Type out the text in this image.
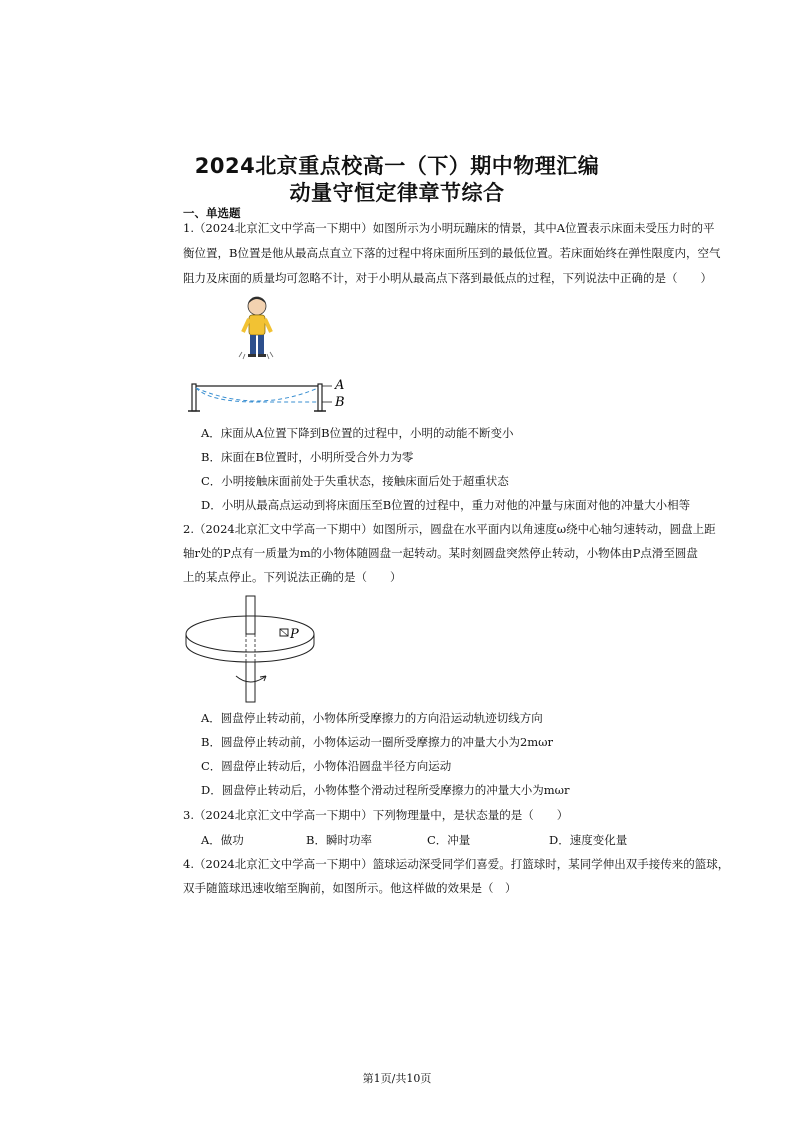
2024北京重点校高一（下）期中物理汇编
动量守恒定律章节综合
一、单选题
1.（2024北京汇文中学高一下期中）如图所示为小明玩蹦床的情景，其中A位置表示床面未受压力时的平
衡位置，B位置是他从最高点直立下落的过程中将床面所压到的最低位置。若床面始终在弹性限度内，空气
阻力及床面的质量均可忽略不计，对于小明从最高点下落到最低点的过程，下列说法中正确的是（　　）
A
B
A．床面从A位置下降到B位置的过程中，小明的动能不断变小
B．床面在B位置时，小明所受合外力为零
C．小明接触床面前处于失重状态，接触床面后处于超重状态
D．小明从最高点运动到将床面压至B位置的过程中，重力对他的冲量与床面对他的冲量大小相等
2.（2024北京汇文中学高一下期中）如图所示，圆盘在水平面内以角速度ω绕中心轴匀速转动，圆盘上距
轴r处的P点有一质量为m的小物体随圆盘一起转动。某时刻圆盘突然停止转动，小物体由P点滑至圆盘
上的某点停止。下列说法正确的是（　　）
P
A．圆盘停止转动前，小物体所受摩擦力的方向沿运动轨迹切线方向
B．圆盘停止转动前，小物体运动一圈所受摩擦力的冲量大小为2mωr
C．圆盘停止转动后，小物体沿圆盘半径方向运动
D．圆盘停止转动后，小物体整个滑动过程所受摩擦力的冲量大小为mωr
3.（2024北京汇文中学高一下期中）下列物理量中，是状态量的是（　　）
A．做功	B．瞬时功率	C．冲量	D．速度变化量
4.（2024北京汇文中学高一下期中）篮球运动深受同学们喜爱。打篮球时，某同学伸出双手接传来的篮球，
双手随篮球迅速收缩至胸前，如图所示。他这样做的效果是（　）
第1页/共10页
